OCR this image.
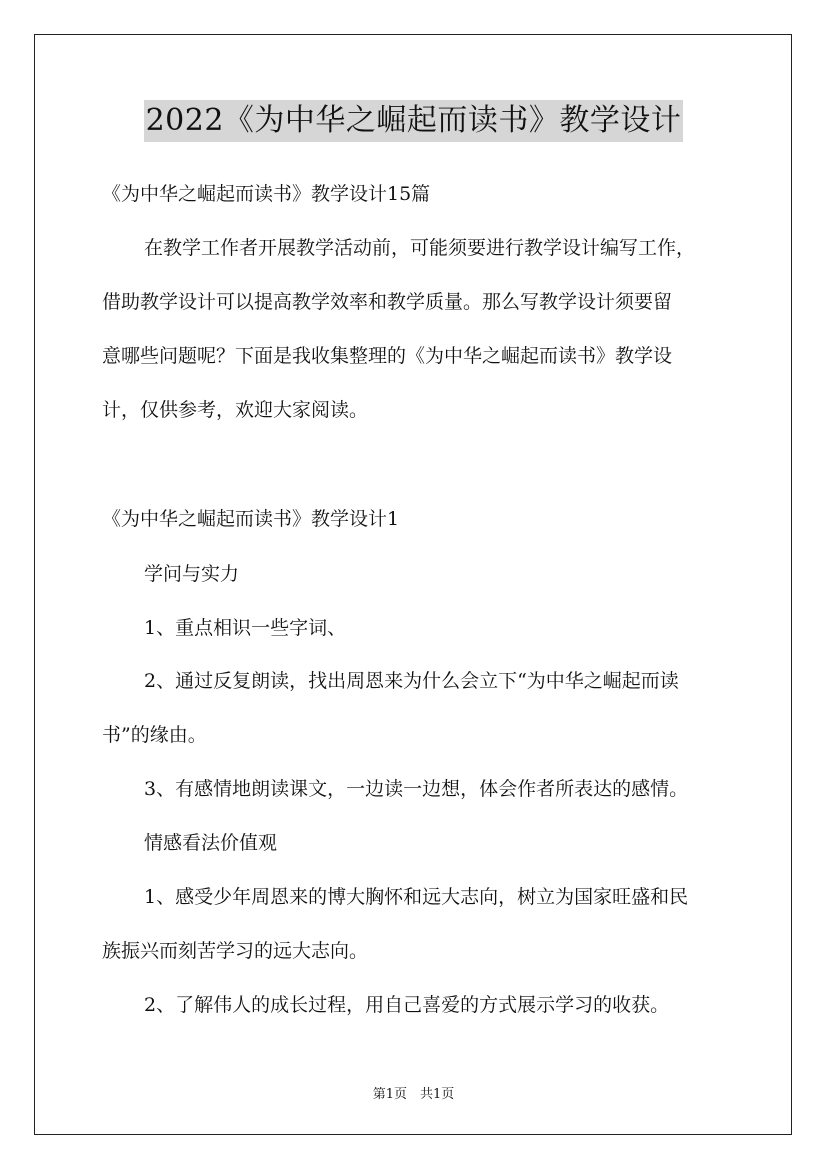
2022《为中华之崛起而读书》教学设计
《为中华之崛起而读书》教学设计15篇
在教学工作者开展教学活动前，可能须要进行教学设计编写工作，
借助教学设计可以提高教学效率和教学质量。那么写教学设计须要留
意哪些问题呢？下面是我收集整理的《为中华之崛起而读书》教学设
计，仅供参考，欢迎大家阅读。
《为中华之崛起而读书》教学设计1
学问与实力
1、重点相识一些字词、
2、通过反复朗读，找出周恩来为什么会立下“为中华之崛起而读
书”的缘由。
3、有感情地朗读课文，一边读一边想，体会作者所表达的感情。
情感看法价值观
1、感受少年周恩来的博大胸怀和远大志向，树立为国家旺盛和民
族振兴而刻苦学习的远大志向。
2、了解伟人的成长过程，用自己喜爱的方式展示学习的收获。
第1页　共1页
